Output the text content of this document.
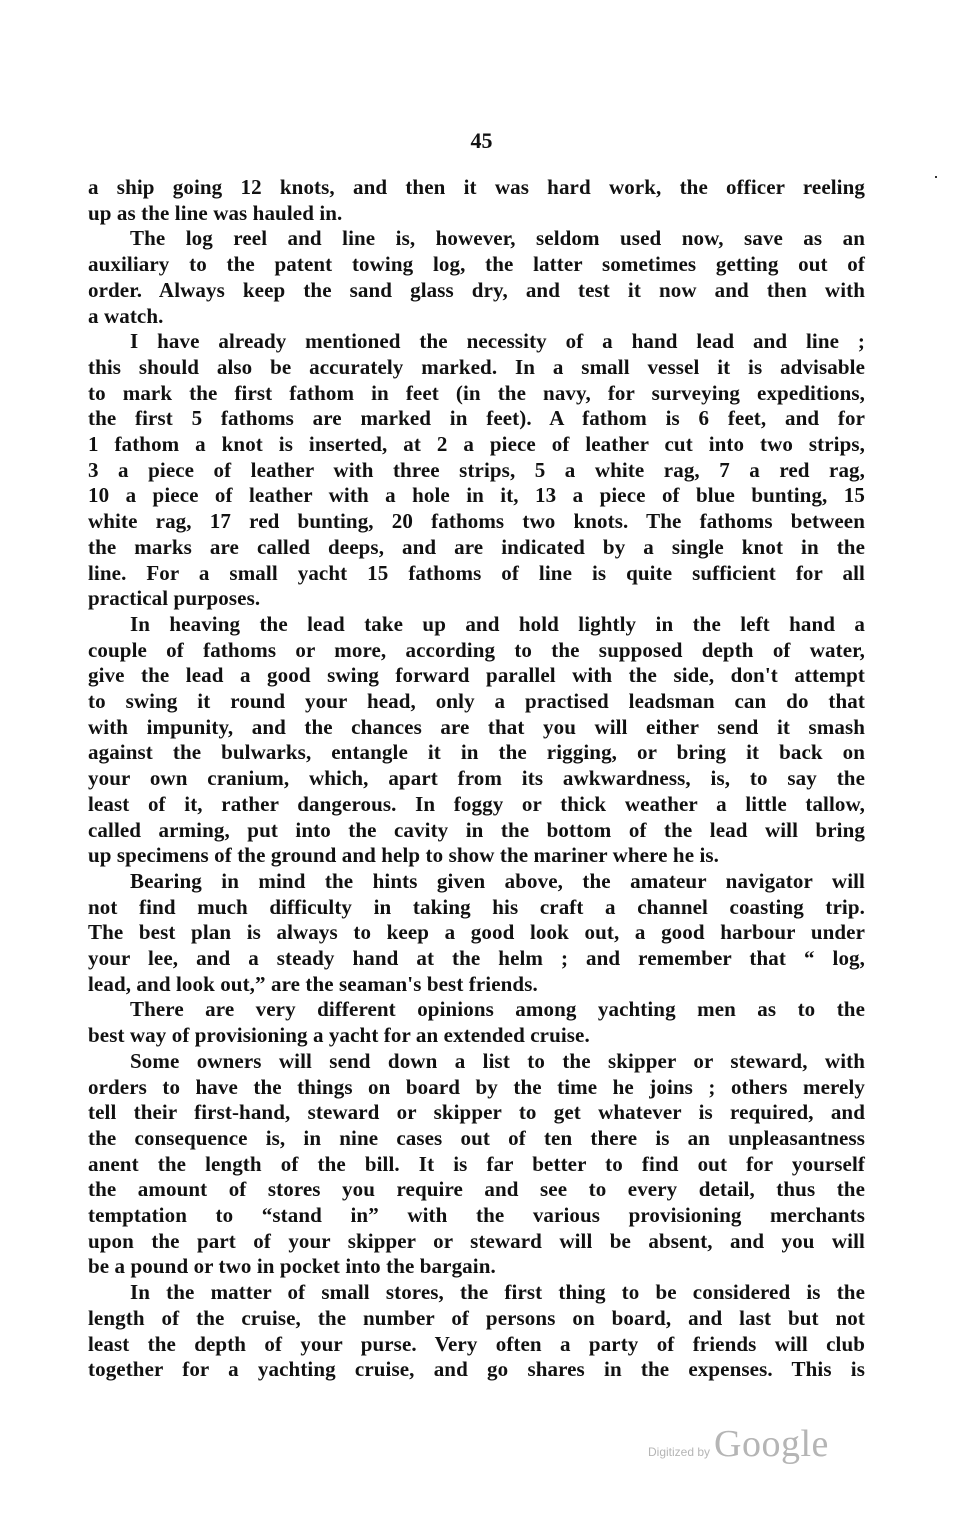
45
a ship going 12 knots, and then it was hard work, the officer reeling
up as the line was hauled in.
The log reel and line is, however, seldom used now, save as an
auxiliary to the patent towing log, the latter sometimes getting out of
order. Always keep the sand glass dry, and test it now and then with
a watch.
I have already mentioned the necessity of a hand lead and line ;
this should also be accurately marked. In a small vessel it is advisable
to mark the first fathom in feet (in the navy, for surveying expeditions,
the first 5 fathoms are marked in feet). A fathom is 6 feet, and for
1 fathom a knot is inserted, at 2 a piece of leather cut into two strips,
3 a piece of leather with three strips, 5 a white rag, 7 a red rag,
10 a piece of leather with a hole in it, 13 a piece of blue bunting, 15
white rag, 17 red bunting, 20 fathoms two knots. The fathoms between
the marks are called deeps, and are indicated by a single knot in the
line. For a small yacht 15 fathoms of line is quite sufficient for all
practical purposes.
In heaving the lead take up and hold lightly in the left hand a
couple of fathoms or more, according to the supposed depth of water,
give the lead a good swing forward parallel with the side, don't attempt
to swing it round your head, only a practised leadsman can do that
with impunity, and the chances are that you will either send it smash
against the bulwarks, entangle it in the rigging, or bring it back on
your own cranium, which, apart from its awkwardness, is, to say the
least of it, rather dangerous. In foggy or thick weather a little tallow,
called arming, put into the cavity in the bottom of the lead will bring
up specimens of the ground and help to show the mariner where he is.
Bearing in mind the hints given above, the amateur navigator will
not find much difficulty in taking his craft a channel coasting trip.
The best plan is always to keep a good look out, a good harbour under
your lee, and a steady hand at the helm ; and remember that “ log,
lead, and look out,” are the seaman's best friends.
There are very different opinions among yachting men as to the
best way of provisioning a yacht for an extended cruise.
Some owners will send down a list to the skipper or steward, with
orders to have the things on board by the time he joins ; others merely
tell their first-hand, steward or skipper to get whatever is required, and
the consequence is, in nine cases out of ten there is an unpleasantness
anent the length of the bill. It is far better to find out for yourself
the amount of stores you require and see to every detail, thus the
temptation to “stand in” with the various provisioning merchants
upon the part of your skipper or steward will be absent, and you will
be a pound or two in pocket into the bargain.
In the matter of small stores, the first thing to be considered is the
length of the cruise, the number of persons on board, and last but not
least the depth of your purse. Very often a party of friends will club
together for a yachting cruise, and go shares in the expenses. This is
Digitized by Google
